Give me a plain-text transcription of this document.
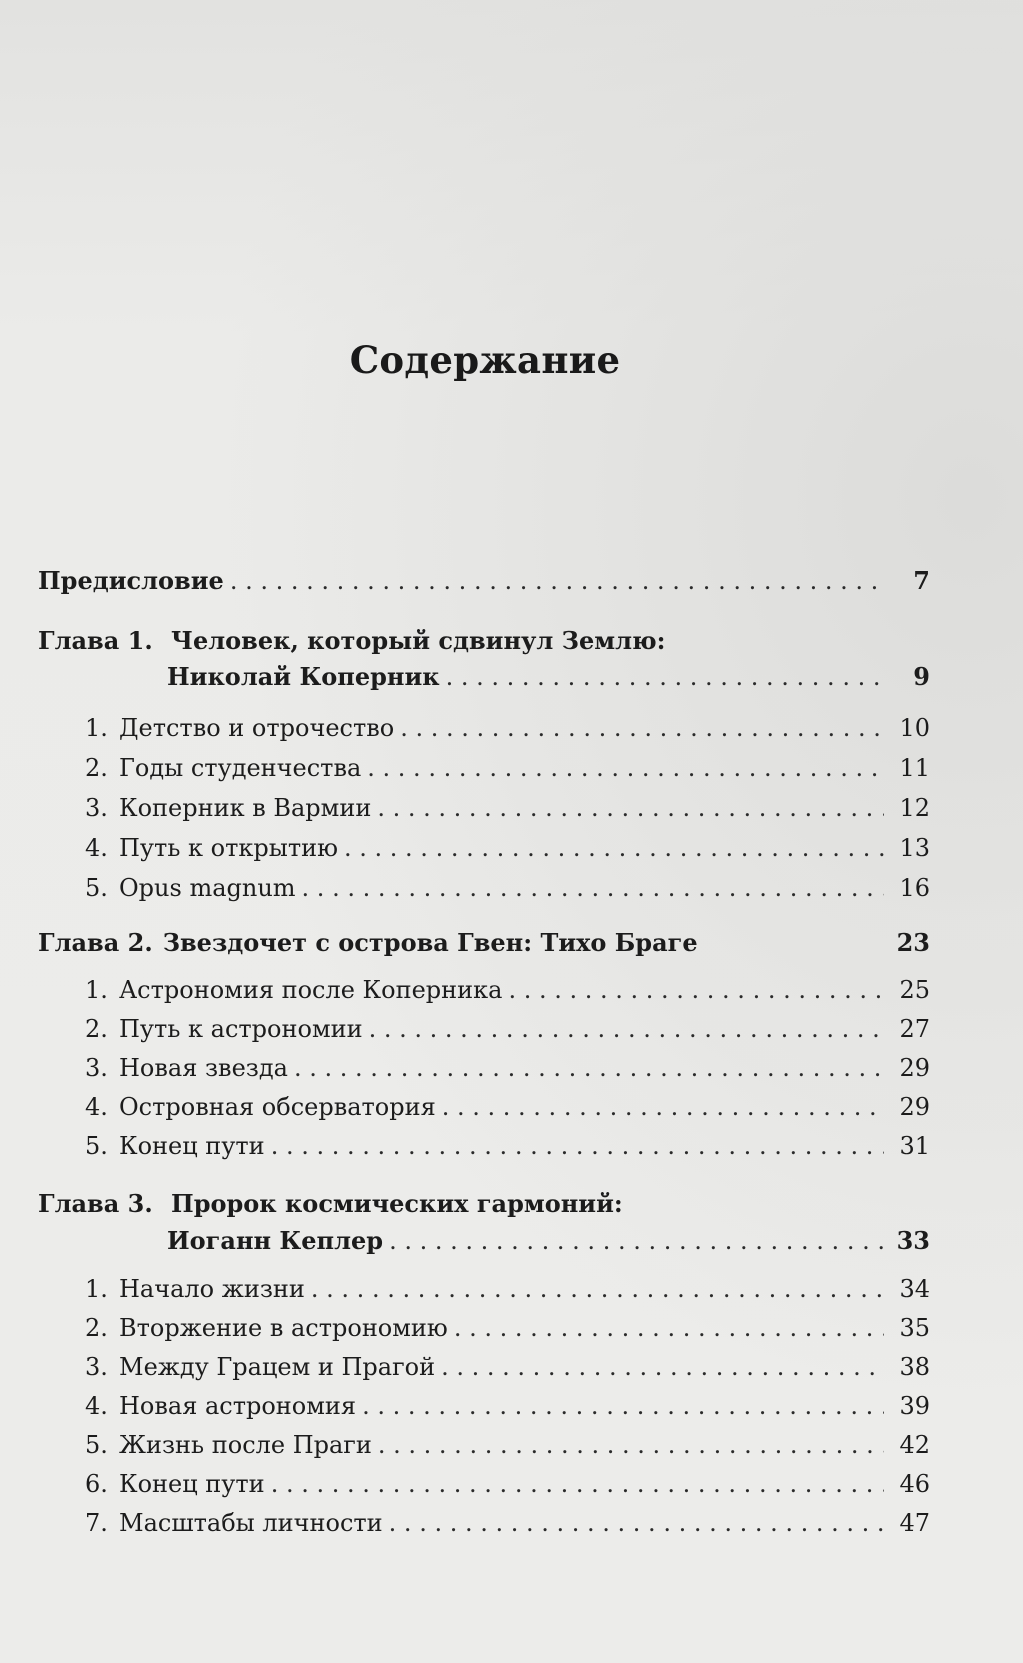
Содержание
Предисловие . . .	7
Глава 1. Человек, который сдвинул Землю:
Николай Коперник . . .	9
1. Детство и отрочество . . .	10
2. Годы студенчества . . .	11
3. Коперник в Вармии . . .	12
4. Путь к открытию . . .	13
5. Opus magnum . . .	16
Глава 2. Звездочет с острова Гвен: Тихо Браге	23
1. Астрономия после Коперника . . .	25
2. Путь к астрономии . . .	27
3. Новая звезда . . .	29
4. Островная обсерватория . . .	29
5. Конец пути . . .	31
Глава 3. Пророк космических гармоний:
Иоганн Кеплер . . .	33
1. Начало жизни . . .	34
2. Вторжение в астрономию . . .	35
3. Между Грацем и Прагой . . .	38
4. Новая астрономия . . .	39
5. Жизнь после Праги . . .	42
6. Конец пути . . .	46
7. Масштабы личности . . .	47
